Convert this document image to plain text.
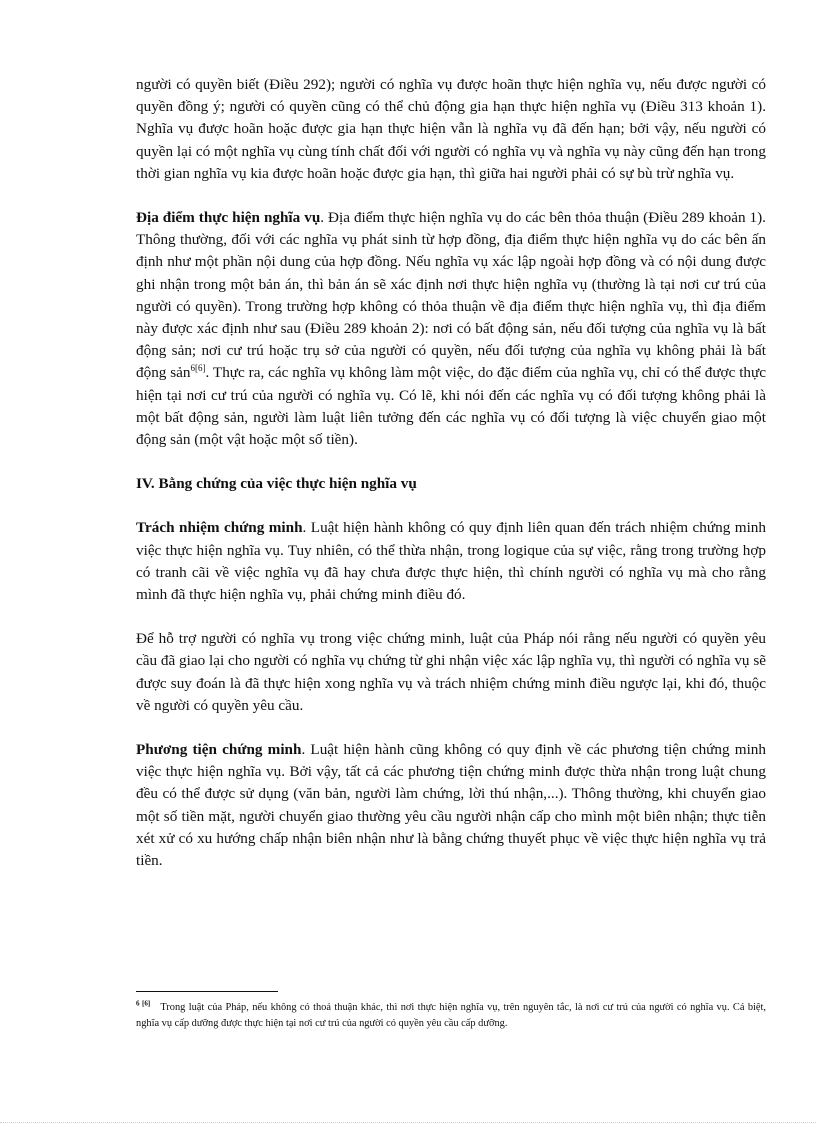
người có quyền biết (Điều 292); người có nghĩa vụ được hoãn thực hiện nghĩa vụ, nếu được người có quyền đồng ý; người có quyền cũng có thể chủ động gia hạn thực hiện nghĩa vụ (Điều 313 khoản 1). Nghĩa vụ được hoãn hoặc được gia hạn thực hiện vẫn là nghĩa vụ đã đến hạn; bởi vậy, nếu người có quyền lại có một nghĩa vụ cùng tính chất đối với người có nghĩa vụ và nghĩa vụ này cũng đến hạn trong thời gian nghĩa vụ kia được hoãn hoặc được gia hạn, thì giữa hai người phải có sự bù trừ nghĩa vụ.

Địa điểm thực hiện nghĩa vụ. Địa điểm thực hiện nghĩa vụ do các bên thỏa thuận (Điều 289 khoản 1). Thông thường, đối với các nghĩa vụ phát sinh từ hợp đồng, địa điểm thực hiện nghĩa vụ do các bên ấn định như một phần nội dung của hợp đồng. Nếu nghĩa vụ xác lập ngoài hợp đồng và có nội dung được ghi nhận trong một bản án, thì bản án sẽ xác định nơi thực hiện nghĩa vụ (thường là tại nơi cư trú của người có quyền). Trong trường hợp không có thỏa thuận về địa điểm thực hiện nghĩa vụ, thì địa điểm này được xác định như sau (Điều 289 khoản 2): nơi có bất động sản, nếu đối tượng của nghĩa vụ là bất động sản; nơi cư trú hoặc trụ sở của người có quyền, nếu đối tượng của nghĩa vụ không phải là bất động sản$^{6[6]}$. Thực ra, các nghĩa vụ không làm một việc, do đặc điểm của nghĩa vụ, chỉ có thể được thực hiện tại nơi cư trú của người có nghĩa vụ. Có lẽ, khi nói đến các nghĩa vụ có đối tượng không phải là một bất động sản, người làm luật liên tưởng đến các nghĩa vụ có đối tượng là việc chuyển giao một động sản (một vật hoặc một số tiền).

IV. Bằng chứng của việc thực hiện nghĩa vụ

Trách nhiệm chứng minh. Luật hiện hành không có quy định liên quan đến trách nhiệm chứng minh việc thực hiện nghĩa vụ. Tuy nhiên, có thể thừa nhận, trong logique của sự việc, rằng trong trường hợp có tranh cãi về việc nghĩa vụ đã hay chưa được thực hiện, thì chính người có nghĩa vụ mà cho rằng mình đã thực hiện nghĩa vụ, phải chứng minh điều đó.

Để hỗ trợ người có nghĩa vụ trong việc chứng minh, luật của Pháp nói rằng nếu người có quyền yêu cầu đã giao lại cho người có nghĩa vụ chứng từ ghi nhận việc xác lập nghĩa vụ, thì người có nghĩa vụ sẽ được suy đoán là đã thực hiện xong nghĩa vụ và trách nhiệm chứng minh điều ngược lại, khi đó, thuộc về người có quyền yêu cầu.

Phương tiện chứng minh. Luật hiện hành cũng không có quy định về các phương tiện chứng minh việc thực hiện nghĩa vụ. Bởi vậy, tất cả các phương tiện chứng minh được thừa nhận trong luật chung đều có thể được sử dụng (văn bản, người làm chứng, lời thú nhận,...). Thông thường, khi chuyển giao một số tiền mặt, người chuyển giao thường yêu cầu người nhận cấp cho mình một biên nhận; thực tiễn xét xử có xu hướng chấp nhận biên nhận như là bằng chứng thuyết phục về việc thực hiện nghĩa vụ trả tiền.

$^{6 [6]}$ Trong luật của Pháp, nếu không có thoả thuận khác, thì nơi thực hiện nghĩa vụ, trên nguyên tắc, là nơi cư trú của người có nghĩa vụ. Cá biệt, nghĩa vụ cấp dưỡng được thực hiện tại nơi cư trú của người có quyền yêu cầu cấp dưỡng.
